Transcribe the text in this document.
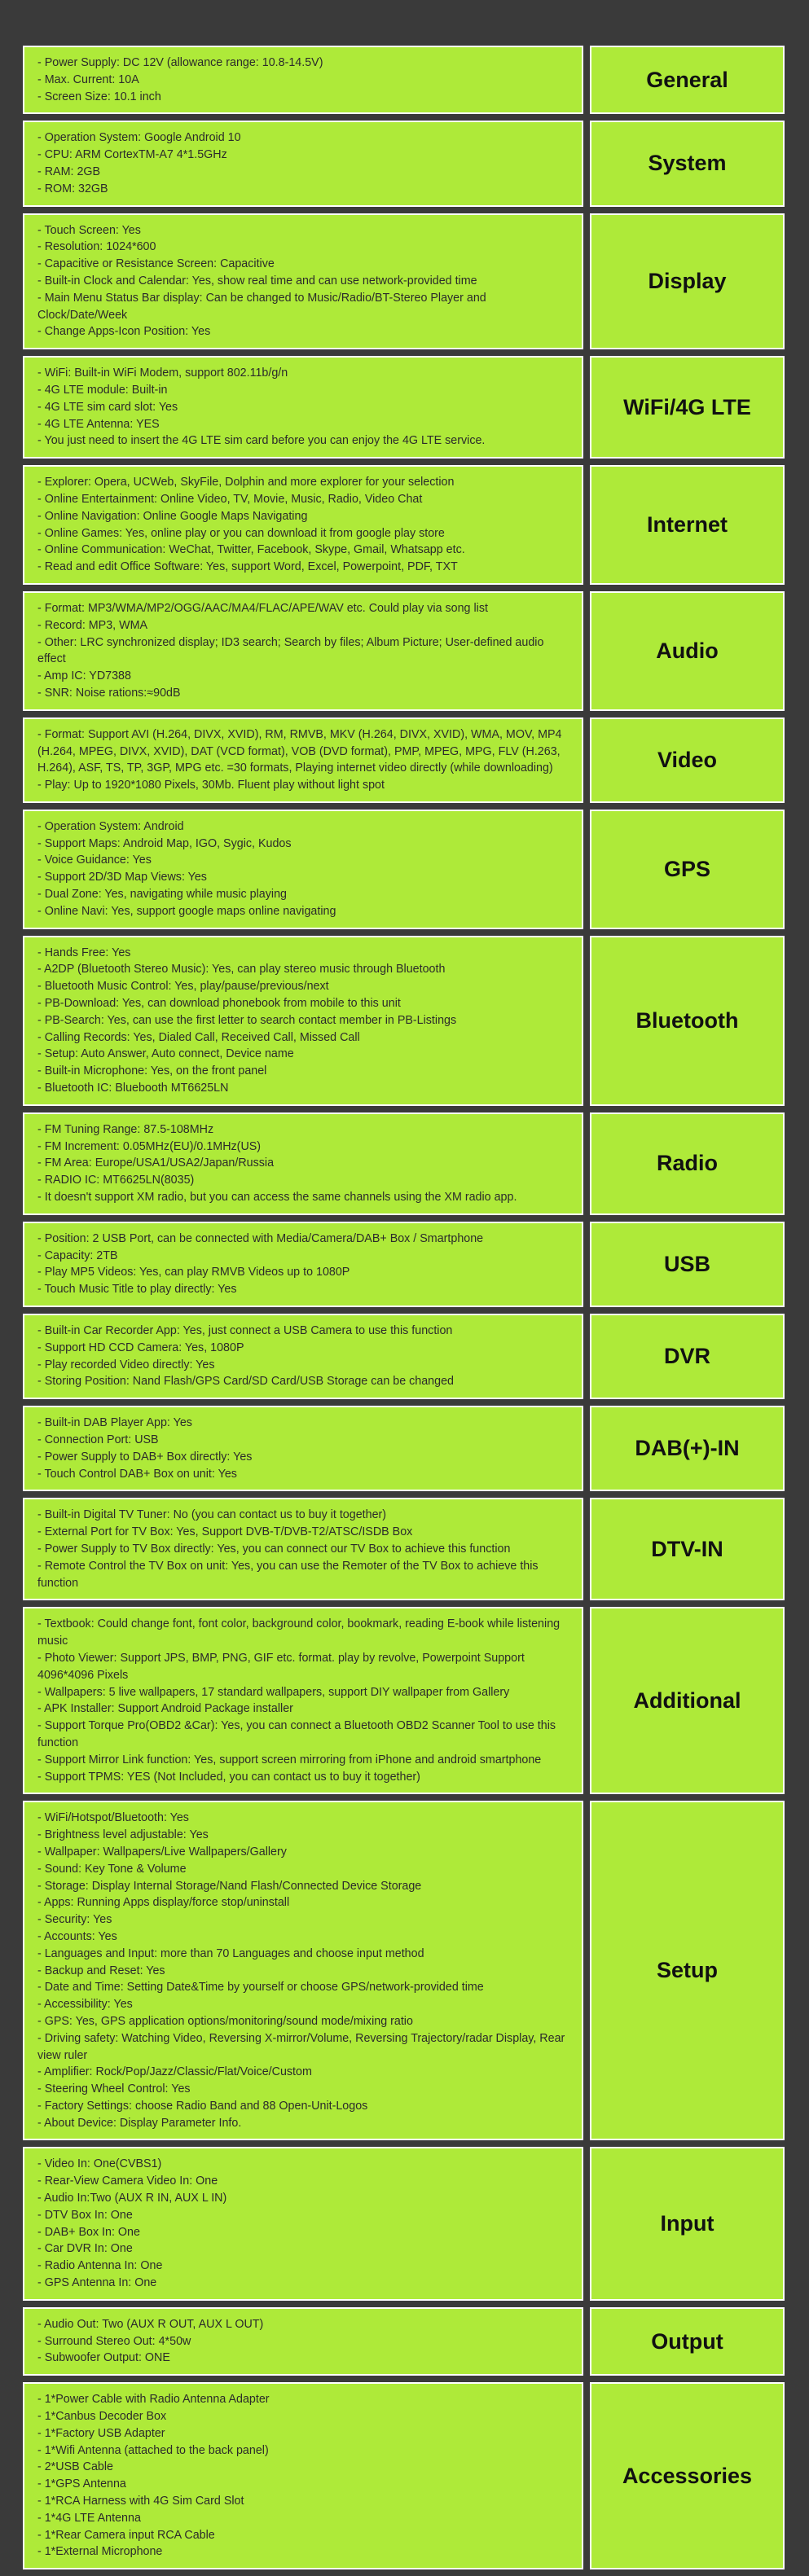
- Power Supply: DC 12V (allowance range: 10.8-14.5V)
- Max. Current: 10A
- Screen Size: 10.1 inch
General
- Operation System: Google Android 10
- CPU: ARM CortexTM-A7 4*1.5GHz
- RAM: 2GB
- ROM: 32GB
System
- Touch Screen: Yes
- Resolution: 1024*600
- Capacitive or Resistance Screen: Capacitive
- Built-in Clock and Calendar: Yes, show real time and can use network-provided time
- Main Menu Status Bar display: Can be changed to Music/Radio/BT-Stereo Player and Clock/Date/Week
- Change Apps-Icon Position: Yes
Display
- WiFi: Built-in WiFi Modem, support 802.11b/g/n
- 4G LTE module: Built-in
- 4G LTE sim card slot: Yes
- 4G LTE Antenna: YES
- You just need to insert the 4G LTE sim card before you can enjoy the 4G LTE service.
WiFi/4G LTE
- Explorer: Opera, UCWeb, SkyFile, Dolphin and more explorer for your selection
- Online Entertainment: Online Video, TV, Movie, Music, Radio, Video Chat
- Online Navigation: Online Google Maps Navigating
- Online Games: Yes, online play or you can download it from google play store
- Online Communication: WeChat, Twitter, Facebook, Skype, Gmail, Whatsapp etc.
- Read and edit Office Software: Yes, support Word, Excel, Powerpoint, PDF, TXT
Internet
- Format: MP3/WMA/MP2/OGG/AAC/MA4/FLAC/APE/WAV etc. Could play via song list
- Record: MP3, WMA
- Other: LRC synchronized display; ID3 search; Search by files; Album Picture; User-defined audio effect
- Amp IC: YD7388
- SNR: Noise rations:≈90dB
Audio
- Format: Support AVI (H.264, DIVX, XVID), RM, RMVB, MKV (H.264, DIVX, XVID), WMA, MOV, MP4 (H.264, MPEG, DIVX, XVID), DAT (VCD format), VOB (DVD format), PMP, MPEG, MPG, FLV (H.263, H.264), ASF, TS, TP, 3GP, MPG etc. =30 formats, Playing internet video directly (while downloading)
- Play: Up to 1920*1080 Pixels, 30Mb. Fluent play without light spot
Video
- Operation System: Android
- Support Maps: Android Map, IGO, Sygic, Kudos
- Voice Guidance: Yes
- Support 2D/3D Map Views: Yes
- Dual Zone: Yes, navigating while music playing
- Online Navi: Yes, support google maps online navigating
GPS
- Hands Free: Yes
- A2DP (Bluetooth Stereo Music): Yes, can play stereo music through Bluetooth
- Bluetooth Music Control: Yes, play/pause/previous/next
- PB-Download: Yes, can download phonebook from mobile to this unit
- PB-Search: Yes, can use the first letter to search contact member in PB-Listings
- Calling Records: Yes, Dialed Call, Received Call, Missed Call
- Setup: Auto Answer, Auto connect, Device name
- Built-in Microphone: Yes, on the front panel
- Bluetooth IC: Bluebooth MT6625LN
Bluetooth
- FM Tuning Range: 87.5-108MHz
- FM Increment: 0.05MHz(EU)/0.1MHz(US)
- FM Area: Europe/USA1/USA2/Japan/Russia
- RADIO IC: MT6625LN(8035)
- It doesn't support XM radio, but you can access the same channels using the XM radio app.
Radio
- Position: 2 USB Port, can be connected with Media/Camera/DAB+ Box / Smartphone
- Capacity: 2TB
- Play MP5 Videos: Yes, can play RMVB Videos up to 1080P
- Touch Music Title to play directly: Yes
USB
- Built-in Car Recorder App: Yes, just connect a USB Camera to use this function
- Support HD CCD Camera: Yes, 1080P
- Play recorded Video directly: Yes
- Storing Position: Nand Flash/GPS Card/SD Card/USB Storage can be changed
DVR
- Built-in DAB Player App: Yes
- Connection Port: USB
- Power Supply to DAB+ Box directly: Yes
- Touch Control DAB+ Box on unit: Yes
DAB(+)-IN
- Built-in Digital TV Tuner: No (you can contact us to buy it together)
- External Port for TV Box: Yes, Support DVB-T/DVB-T2/ATSC/ISDB Box
- Power Supply to TV Box directly: Yes, you can connect our TV Box to achieve this function
- Remote Control the TV Box on unit: Yes, you can use the Remoter of the TV Box to achieve this function
DTV-IN
- Textbook: Could change font, font color, background color, bookmark, reading E-book while listening music
- Photo Viewer: Support JPS, BMP, PNG, GIF etc. format. play by revolve, Powerpoint Support 4096*4096 Pixels
- Wallpapers: 5 live wallpapers, 17 standard wallpapers, support DIY wallpaper from Gallery
- APK Installer: Support Android Package installer
- Support Torque Pro(OBD2 &Car): Yes, you can connect a Bluetooth OBD2 Scanner Tool to use this function
- Support Mirror Link function: Yes, support screen mirroring from iPhone and android smartphone
- Support TPMS: YES (Not Included, you can contact us to buy it together)
Additional
- WiFi/Hotspot/Bluetooth: Yes
- Brightness level adjustable: Yes
- Wallpaper: Wallpapers/Live Wallpapers/Gallery
- Sound: Key Tone & Volume
- Storage: Display Internal Storage/Nand Flash/Connected Device Storage
- Apps: Running Apps display/force stop/uninstall
- Security: Yes
- Accounts: Yes
- Languages and Input: more than 70 Languages and choose input method
- Backup and Reset: Yes
- Date and Time: Setting Date&Time by yourself or choose GPS/network-provided time
- Accessibility: Yes
- GPS: Yes, GPS application options/monitoring/sound mode/mixing ratio
- Driving safety: Watching Video, Reversing X-mirror/Volume, Reversing Trajectory/radar Display, Rear view ruler
- Amplifier: Rock/Pop/Jazz/Classic/Flat/Voice/Custom
- Steering Wheel Control: Yes
- Factory Settings: choose Radio Band and 88 Open-Unit-Logos
- About Device: Display Parameter Info.
Setup
- Video In: One(CVBS1)
- Rear-View Camera Video In: One
- Audio In:Two (AUX R IN, AUX L IN)
- DTV Box In: One
- DAB+ Box In: One
- Car DVR In: One
- Radio Antenna In: One
- GPS Antenna In: One
Input
- Audio Out: Two (AUX R OUT, AUX L OUT)
- Surround Stereo Out: 4*50w
- Subwoofer Output: ONE
Output
- 1*Power Cable with Radio Antenna Adapter
- 1*Canbus Decoder Box
- 1*Factory USB Adapter
- 1*Wifi Antenna (attached to the back panel)
- 2*USB Cable
- 1*GPS Antenna
- 1*RCA Harness with 4G Sim Card Slot
- 1*4G LTE Antenna
- 1*Rear Camera input RCA Cable
- 1*External Microphone
Accessories
